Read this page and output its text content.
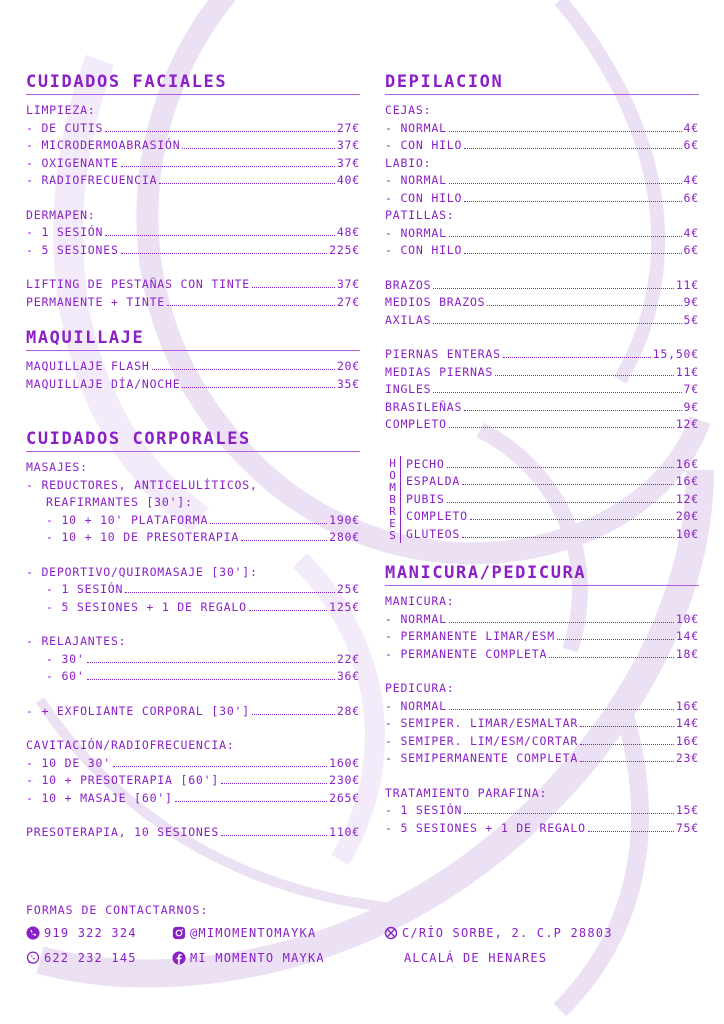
CUIDADOS FACIALES
LIMPIEZA:
- DE CUTIS	27€
- MICRODERMOABRASIÓN	37€
- OXIGENANTE	37€
- RADIOFRECUENCIA	40€
DERMAPEN:
- 1 SESIÓN	48€
- 5 SESIONES	225€
LIFTING DE PESTAÑAS CON TINTE	37€
PERMANENTE + TINTE	27€
MAQUILLAJE
MAQUILLAJE FLASH	20€
MAQUILLAJE DÍA/NOCHE	35€
CUIDADOS CORPORALES
MASAJES:
- REDUCTORES, ANTICELULÍTICOS,
REAFIRMANTES [30']:
- 10 + 10' PLATAFORMA	190€
- 10 + 10 DE PRESOTERAPIA	280€
- DEPORTIVO/QUIROMASAJE [30']:
- 1 SESIÓN	25€
- 5 SESIONES + 1 DE REGALO	125€
- RELAJANTES:
- 30'	22€
- 60'	36€
- + EXFOLIANTE CORPORAL [30']	28€
CAVITACIÓN/RADIOFRECUENCIA:
- 10 DE 30'	160€
- 10 + PRESOTERAPIA [60']	230€
- 10 + MASAJE [60']	265€
PRESOTERAPIA, 10 SESIONES	110€
DEPILACION
CEJAS:
- NORMAL	4€
- CON HILO	6€
LABIO:
- NORMAL	4€
- CON HILO	6€
PATILLAS:
- NORMAL	4€
- CON HILO	6€
BRAZOS	11€
MEDIOS BRAZOS	9€
AXILAS	5€
PIERNAS ENTERAS	15,50€
MEDIAS PIERNAS	11€
INGLES	7€
BRASILEÑAS	9€
COMPLETO	12€
H
O
M
B
R
E
S
PECHO	16€
ESPALDA	16€
PUBIS	12€
COMPLETO	20€
GLUTEOS	10€
MANICURA/PEDICURA
MANICURA:
- NORMAL	10€
- PERMANENTE LIMAR/ESM	14€
- PERMANENTE COMPLETA	18€
PEDICURA:
- NORMAL	16€
- SEMIPER. LIMAR/ESMALTAR	14€
- SEMIPER. LIM/ESM/CORTAR	16€
- SEMIPERMANENTE COMPLETA	23€
TRATAMIENTO PARAFINA:
- 1 SESIÓN	15€
- 5 SESIONES + 1 DE REGALO	75€
FORMAS DE CONTACTARNOS:
919 322 324
622 232 145
@MIMOMENTOMAYKA
MI MOMENTO MAYKA
C/RÍO SORBE, 2. C.P 28803
ALCALÁ DE HENARES
